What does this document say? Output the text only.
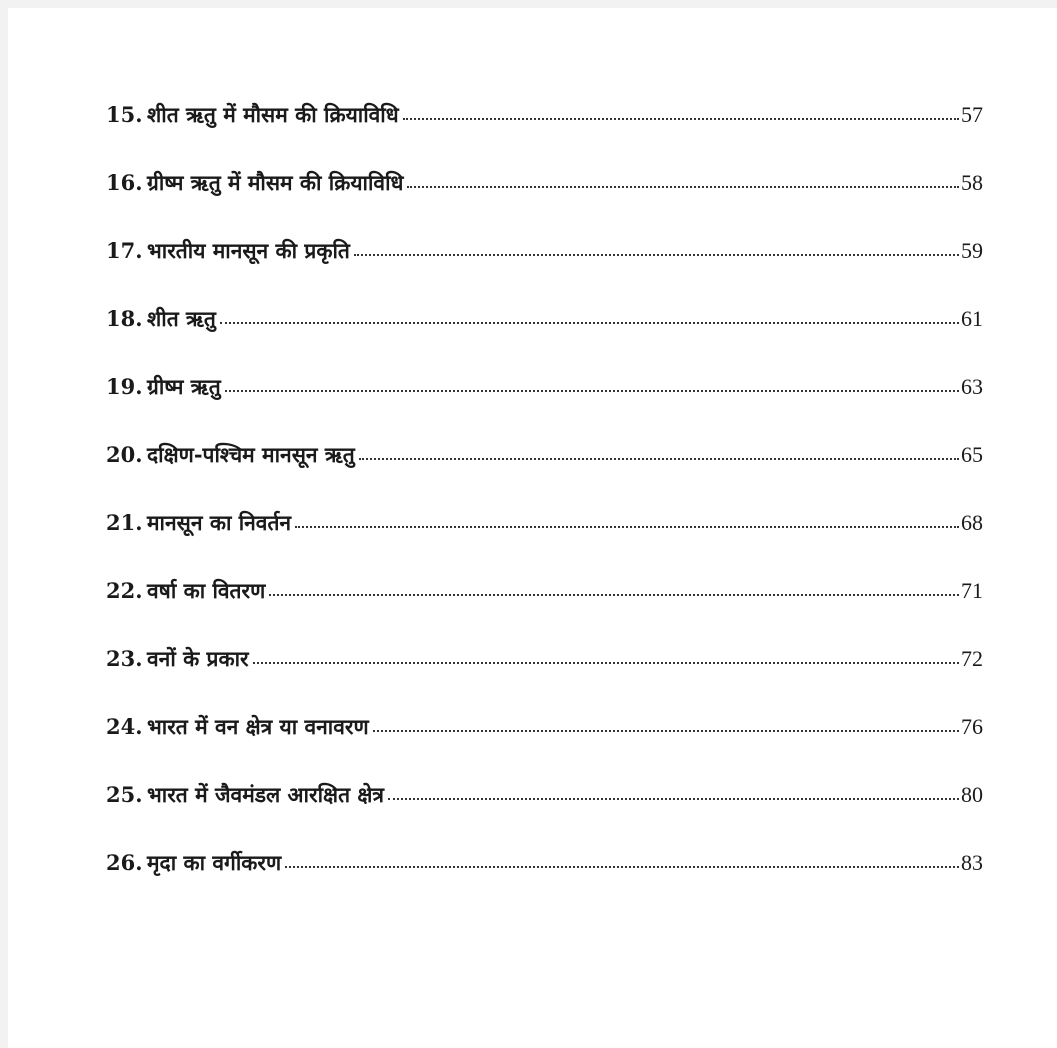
15. शीत ऋतु में मौसम की क्रियाविधि	57
16. ग्रीष्म ऋतु में मौसम की क्रियाविधि	58
17. भारतीय मानसून की प्रकृति	59
18. शीत ऋतु	61
19. ग्रीष्म ऋतु	63
20. दक्षिण-पश्चिम मानसून ऋतु	65
21. मानसून का निवर्तन	68
22. वर्षा का वितरण	71
23. वनों के प्रकार	72
24. भारत में वन क्षेत्र या वनावरण	76
25. भारत में जैवमंडल आरक्षित क्षेत्र	80
26. मृदा का वर्गीकरण	83
